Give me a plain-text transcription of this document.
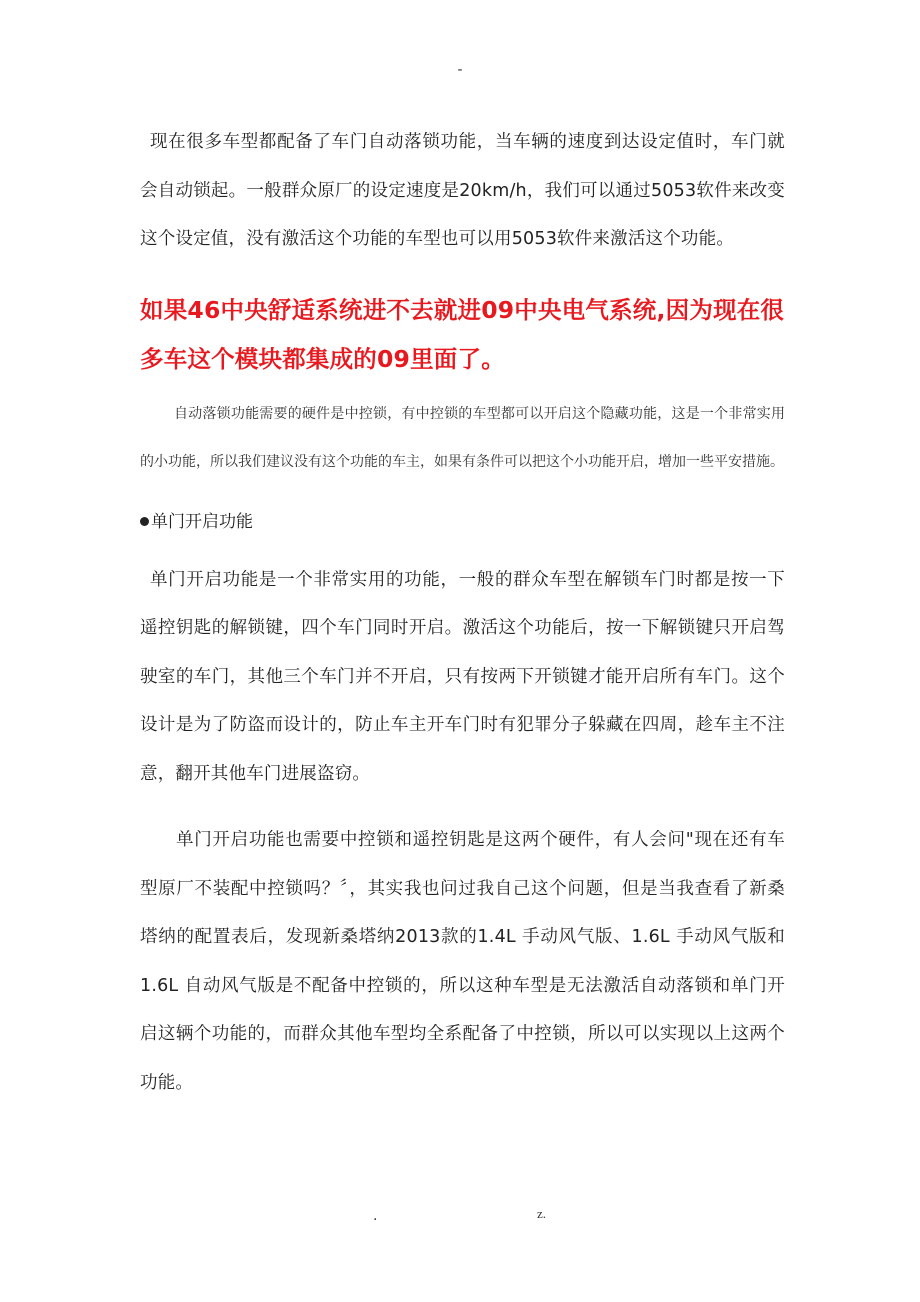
-

现在很多车型都配备了车门自动落锁功能，当车辆的速度到达设定值时，车门就会自动锁起。一般群众原厂的设定速度是20km/h，我们可以通过5053软件来改变这个设定值，没有激活这个功能的车型也可以用5053软件来激活这个功能。

如果46中央舒适系统进不去就进09中央电气系统,因为现在很多车这个模块都集成的09里面了。

自动落锁功能需要的硬件是中控锁，有中控锁的车型都可以开启这个隐藏功能，这是一个非常实用的小功能，所以我们建议没有这个功能的车主，如果有条件可以把这个小功能开启，增加一些平安措施。

单门开启功能

单门开启功能是一个非常实用的功能，一般的群众车型在解锁车门时都是按一下遥控钥匙的解锁键，四个车门同时开启。激活这个功能后，按一下解锁键只开启驾驶室的车门，其他三个车门并不开启，只有按两下开锁键才能开启所有车门。这个设计是为了防盗而设计的，防止车主开车门时有犯罪分子躲藏在四周，趁车主不注意，翻开其他车门进展盗窃。

单门开启功能也需要中控锁和遥控钥匙是这两个硬件，有人会问"现在还有车型原厂不装配中控锁吗？〞，其实我也问过我自己这个问题，但是当我查看了新桑塔纳的配置表后，发现新桑塔纳2013款的1.4L 手动风气版、1.6L 手动风气版和1.6L 自动风气版是不配备中控锁的，所以这种车型是无法激活自动落锁和单门开启这辆个功能的，而群众其他车型均全系配备了中控锁，所以可以实现以上这两个功能。

.	z.
